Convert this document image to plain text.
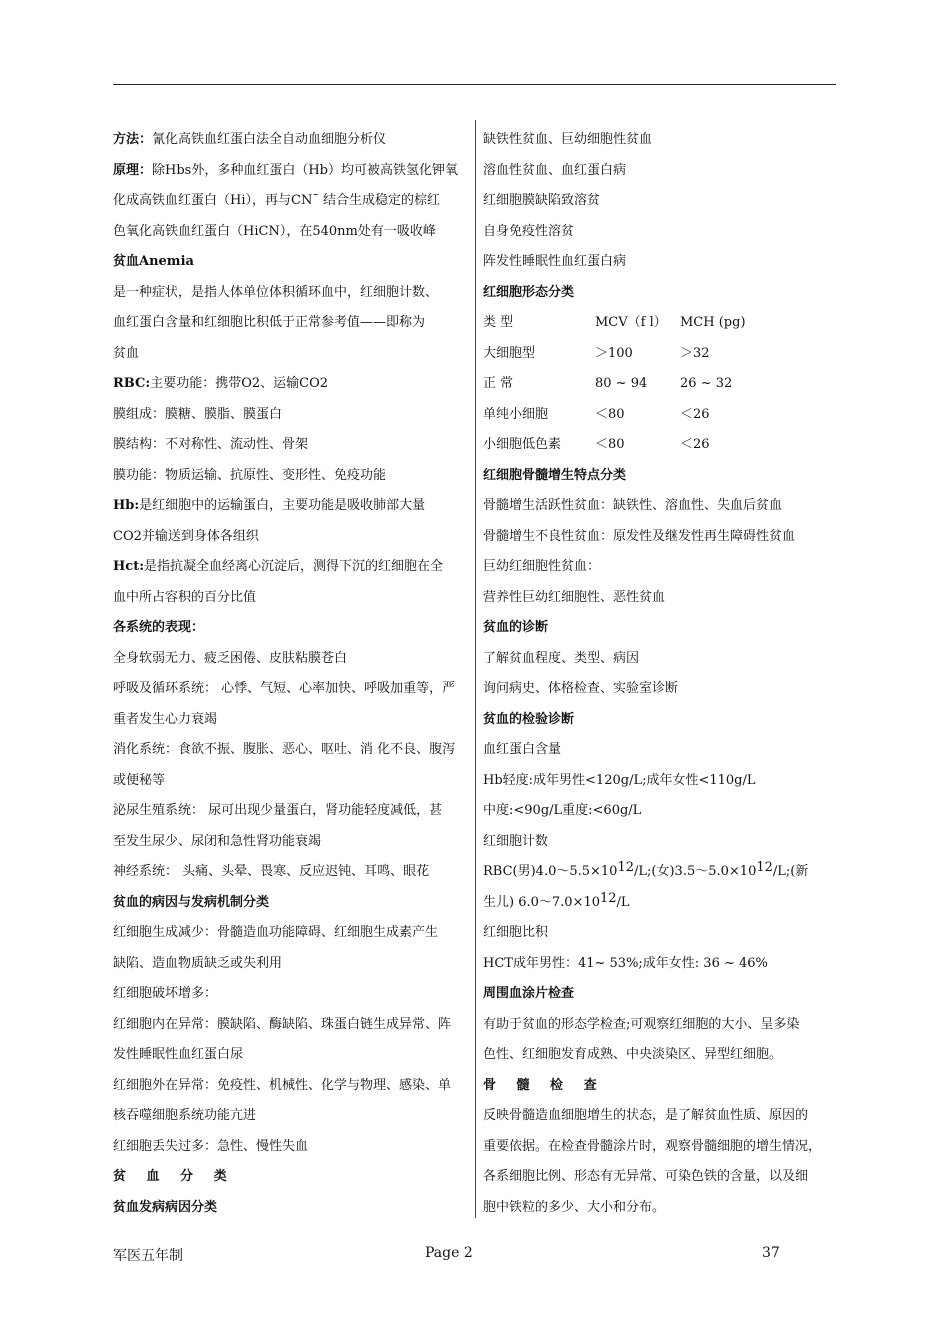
方法：氰化高铁血红蛋白法全自动血细胞分析仪
原理：除Hbs外，多种血红蛋白（Hb）均可被高铁氢化钾氧
化成高铁血红蛋白（Hi），再与CN¯ 结合生成稳定的棕红
色氧化高铁血红蛋白（HiCN），在540nm处有一吸收峰
贫血Anemia
是一种症状，是指人体单位体积循环血中，红细胞计数、
血红蛋白含量和红细胞比积低于正常参考值——即称为
贫血
RBC:主要功能：携带O2、运输CO2
膜组成：膜糖、膜脂、膜蛋白
膜结构：不对称性、流动性、骨架
膜功能：物质运输、抗原性、变形性、免疫功能
Hb:是红细胞中的运输蛋白，主要功能是吸收肺部大量
CO2并输送到身体各组织
Hct:是指抗凝全血经离心沉淀后，测得下沉的红细胞在全
血中所占容积的百分比值
各系统的表现：
全身软弱无力、疲乏困倦、皮肤粘膜苍白
呼吸及循环系统： 心悸、气短、心率加快、呼吸加重等，严
重者发生心力衰竭
消化系统：食欲不振、腹胀、恶心、呕吐、消 化不良、腹泻
或便秘等
泌尿生殖系统： 尿可出现少量蛋白，肾功能轻度减低，甚
至发生尿少、尿闭和急性肾功能衰竭
神经系统： 头痛、头晕、畏寒、反应迟钝、耳鸣、眼花
贫血的病因与发病机制分类
红细胞生成减少：骨髓造血功能障碍、红细胞生成素产生
缺陷、造血物质缺乏或失利用
红细胞破坏增多：
红细胞内在异常：膜缺陷、酶缺陷、珠蛋白链生成异常、阵
发性睡眠性血红蛋白尿
红细胞外在异常：免疫性、机械性、化学与物理、感染、单
核吞噬细胞系统功能亢进
红细胞丢失过多：急性、慢性失血
贫 血 分 类
贫血发病病因分类
缺铁性贫血、巨幼细胞性贫血
溶血性贫血、血红蛋白病
红细胞膜缺陷致溶贫
自身免疫性溶贫
阵发性睡眠性血红蛋白病
红细胞形态分类
类 型	MCV（f l） MCH (pg)
大细胞型	＞100	＞32
正 常	80 ~ 94	26 ~ 32
单纯小细胞	＜80	＜26
小细胞低色素	＜80	＜26
红细胞骨髓增生特点分类
骨髓增生活跃性贫血：缺铁性、溶血性、失血后贫血
骨髓增生不良性贫血：原发性及继发性再生障碍性贫血
巨幼红细胞性贫血：
营养性巨幼红细胞性、恶性贫血
贫血的诊断
了解贫血程度、类型、病因
询问病史、体格检查、实验室诊断
贫血的检验诊断
血红蛋白含量
Hb轻度:成年男性<120g/L;成年女性<110g/L
中度:<90g/L重度:<60g/L
红细胞计数
RBC(男)$4.0\sim 5.5\times 10^{12}/L$;(女)$3.5\sim 5.0\times 10^{12}/L$;(新
生儿) $6.0\sim 7.0\times 10^{12}/L$
红细胞比积
HCT成年男性：41~ 53%;成年女性: 36 ~ 46%
周围血涂片检查
有助于贫血的形态学检查;可观察红细胞的大小、呈多染
色性、红细胞发育成熟、中央淡染区、异型红细胞。
骨 髓 检 查
反映骨髓造血细胞增生的状态，是了解贫血性质、原因的
重要依据。在检查骨髓涂片时，观察骨髓细胞的增生情况，
各系细胞比例、形态有无异常、可染色铁的含量，以及细
胞中铁粒的多少、大小和分布。
军医五年制	Page 2	37
